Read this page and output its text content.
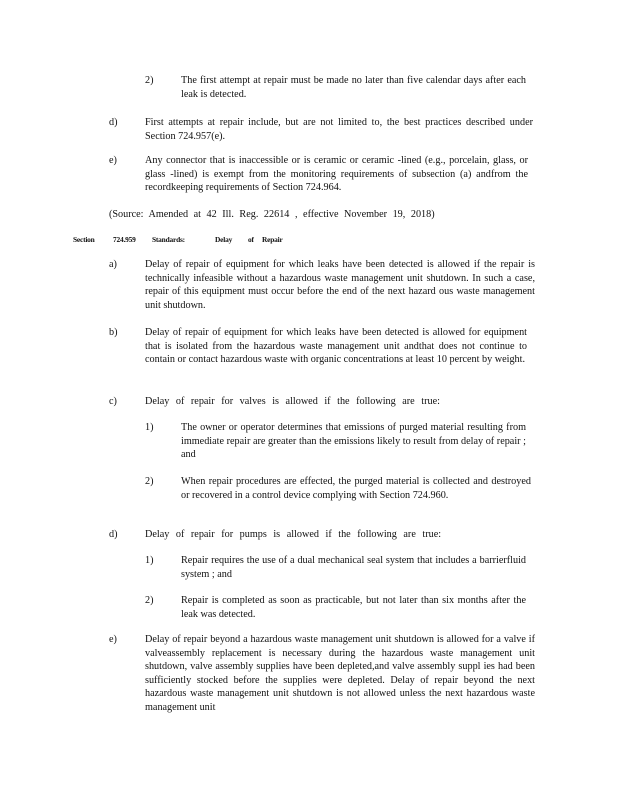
2)	The first attempt at repair must be made no later than five calendar days after each leak is detected.
d)	First attempts at repair include, but are not limited to, the best practices described under Section 724.957(e).
e)	Any connector that is inaccessible or is ceramic or ceramic -lined (e.g., porcelain, glass, or glass -lined) is exempt from the monitoring requirements of subsection (a) andfrom the recordkeeping requirements of Section 724.964.
(Source: Amended at 42 Ill. Reg. 22614 , effective November 19, 2018)
Section 724.959 Standards:	Delay of Repair
a)	Delay of repair of equipment for which leaks have been detected is allowed if the repair is technically infeasible without a hazardous waste management unit shutdown. In such a case, repair of this equipment must occur before the end of the next hazard ous waste management unit shutdown.
b)	Delay of repair of equipment for which leaks have been detected is allowed for equipment that is isolated from the hazardous waste management unit andthat does not continue to contain or contact hazardous waste with organic concentrations at least 10 percent by weight.
c)	Delay of repair for valves is allowed if the following are true:
1)	The owner or operator determines that emissions of purged material resulting from immediate repair are greater than the emissions likely to result from delay of repair ; and
2)	When repair procedures are effected, the purged material is collected and destroyed or recovered in a control device complying with Section 724.960.
d)	Delay of repair for pumps is allowed if the following are true:
1)	Repair requires the use of a dual mechanical seal system that includes a barrierfluid system ; and
2)	Repair is completed as soon as practicable, but not later than six months after the leak was detected.
e)	Delay of repair beyond a hazardous waste management unit shutdown is allowed for a valve if valveassembly replacement is necessary during the hazardous waste management unit shutdown, valve assembly supplies have been depleted,and valve assembly suppl ies had been sufficiently stocked before the supplies were depleted. Delay of repair beyond the next hazardous waste management unit shutdown is not allowed unless the next hazardous waste management unit
